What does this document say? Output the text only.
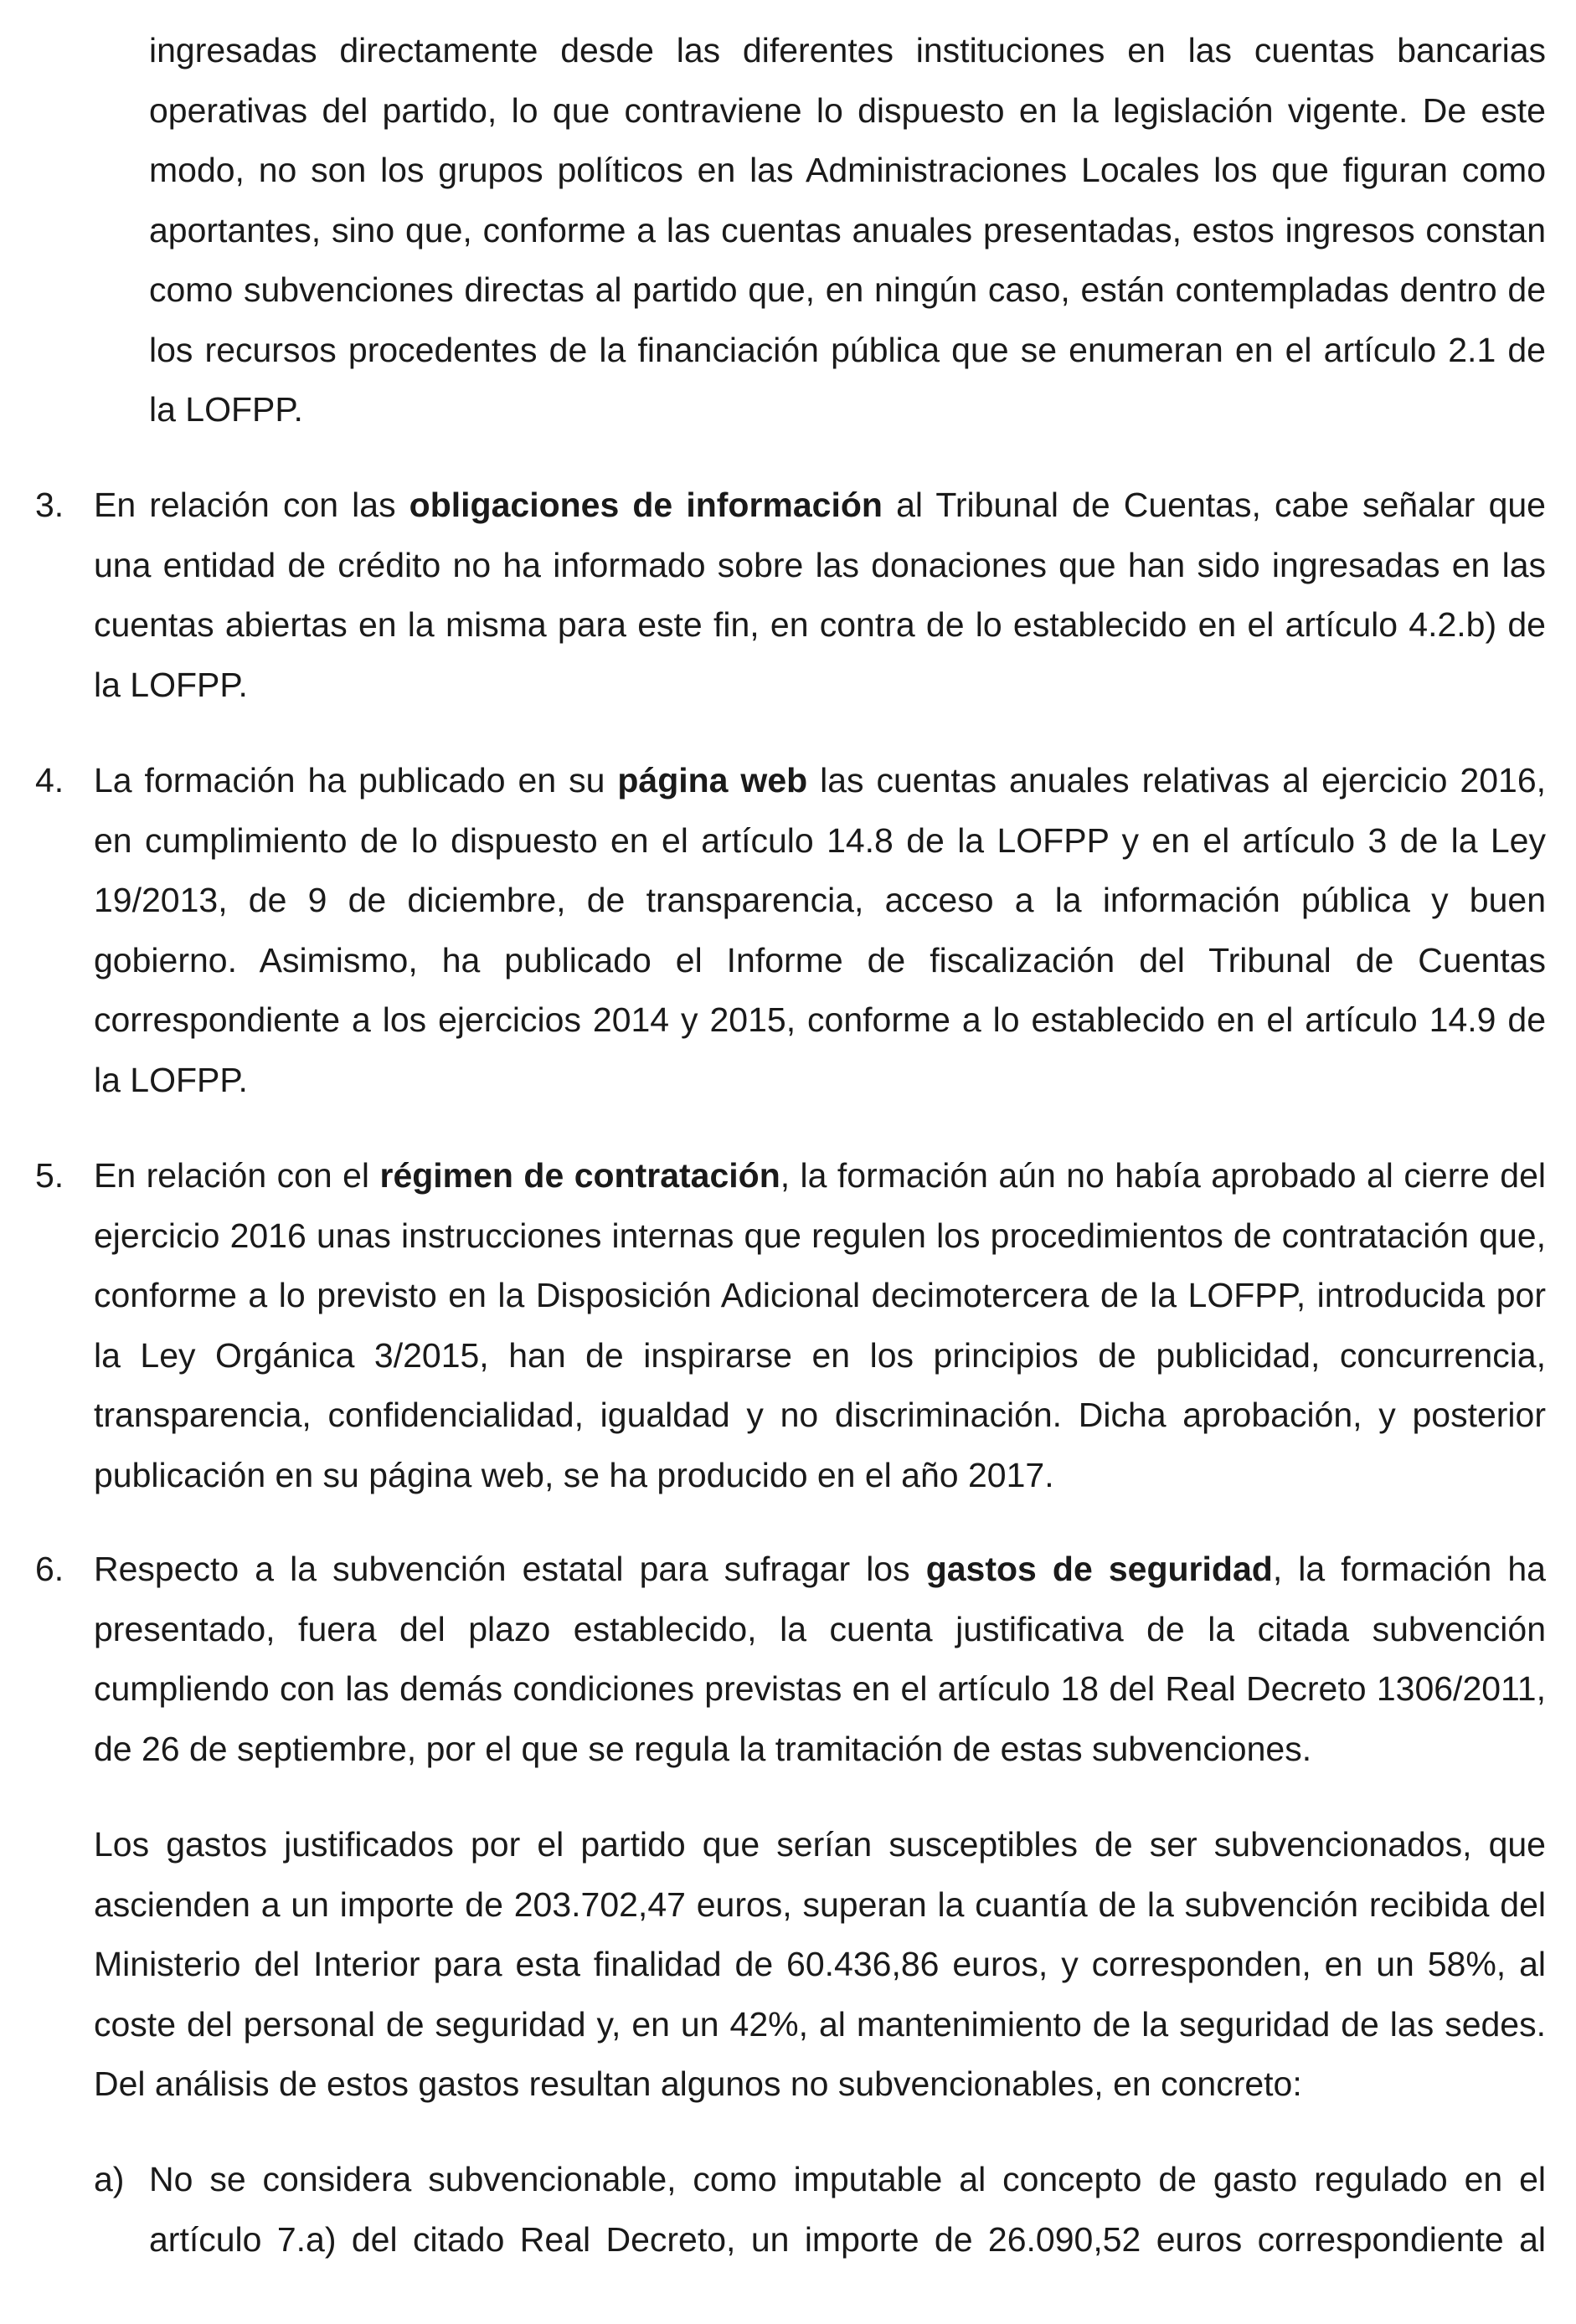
ingresadas directamente desde las diferentes instituciones en las cuentas bancarias operativas del partido, lo que contraviene lo dispuesto en la legislación vigente. De este modo, no son los grupos políticos en las Administraciones Locales los que figuran como aportantes, sino que, conforme a las cuentas anuales presentadas, estos ingresos constan como subvenciones directas al partido que, en ningún caso, están contempladas dentro de los recursos procedentes de la financiación pública que se enumeran en el artículo 2.1 de la LOFPP.

3. En relación con las obligaciones de información al Tribunal de Cuentas, cabe señalar que una entidad de crédito no ha informado sobre las donaciones que han sido ingresadas en las cuentas abiertas en la misma para este fin, en contra de lo establecido en el artículo 4.2.b) de la LOFPP.

4. La formación ha publicado en su página web las cuentas anuales relativas al ejercicio 2016, en cumplimiento de lo dispuesto en el artículo 14.8 de la LOFPP y en el artículo 3 de la Ley 19/2013, de 9 de diciembre, de transparencia, acceso a la información pública y buen gobierno. Asimismo, ha publicado el Informe de fiscalización del Tribunal de Cuentas correspondiente a los ejercicios 2014 y 2015, conforme a lo establecido en el artículo 14.9 de la LOFPP.

5. En relación con el régimen de contratación, la formación aún no había aprobado al cierre del ejercicio 2016 unas instrucciones internas que regulen los procedimientos de contratación que, conforme a lo previsto en la Disposición Adicional decimotercera de la LOFPP, introducida por la Ley Orgánica 3/2015, han de inspirarse en los principios de publicidad, concurrencia, transparencia, confidencialidad, igualdad y no discriminación. Dicha aprobación, y posterior publicación en su página web, se ha producido en el año 2017.

6. Respecto a la subvención estatal para sufragar los gastos de seguridad, la formación ha presentado, fuera del plazo establecido, la cuenta justificativa de la citada subvención cumpliendo con las demás condiciones previstas en el artículo 18 del Real Decreto 1306/2011, de 26 de septiembre, por el que se regula la tramitación de estas subvenciones.

Los gastos justificados por el partido que serían susceptibles de ser subvencionados, que ascienden a un importe de 203.702,47 euros, superan la cuantía de la subvención recibida del Ministerio del Interior para esta finalidad de 60.436,86 euros, y corresponden, en un 58%, al coste del personal de seguridad y, en un 42%, al mantenimiento de la seguridad de las sedes. Del análisis de estos gastos resultan algunos no subvencionables, en concreto:

a) No se considera subvencionable, como imputable al concepto de gasto regulado en el artículo 7.a) del citado Real Decreto, un importe de 26.090,52 euros correspondiente al
